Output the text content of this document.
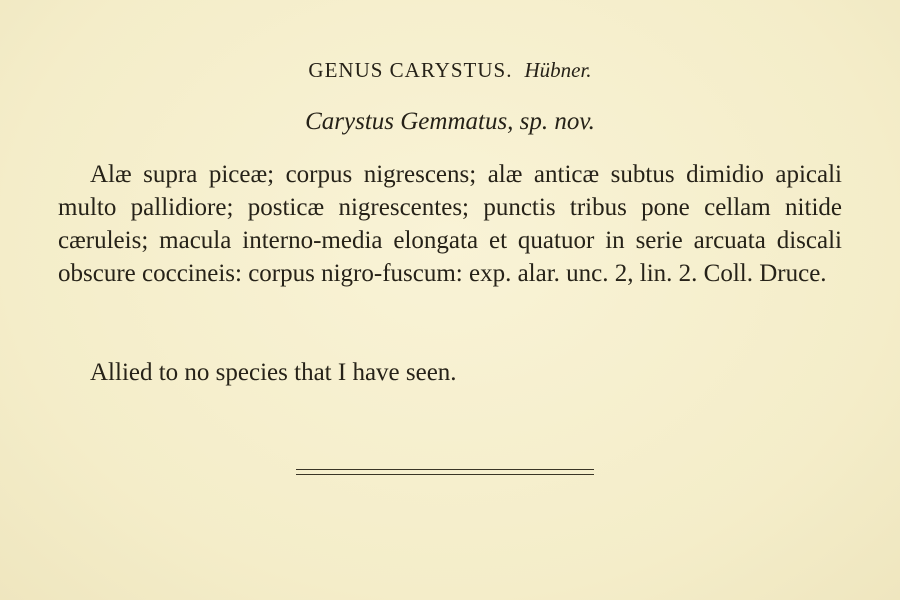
GENUS CARYSTUS. Hübner.
Carystus Gemmatus, sp. nov.

Alæ supra piceæ; corpus nigrescens; alæ anticæ subtus dimidio apicali multo pallidiore; posticæ nigrescentes; punctis tribus pone cellam nitide cæruleis; macula interno-media elongata et quatuor in serie arcuata discali obscure coccineis: corpus nigro-fuscum: exp. alar. unc. 2, lin. 2. Coll. Druce.

Allied to no species that I have seen.
